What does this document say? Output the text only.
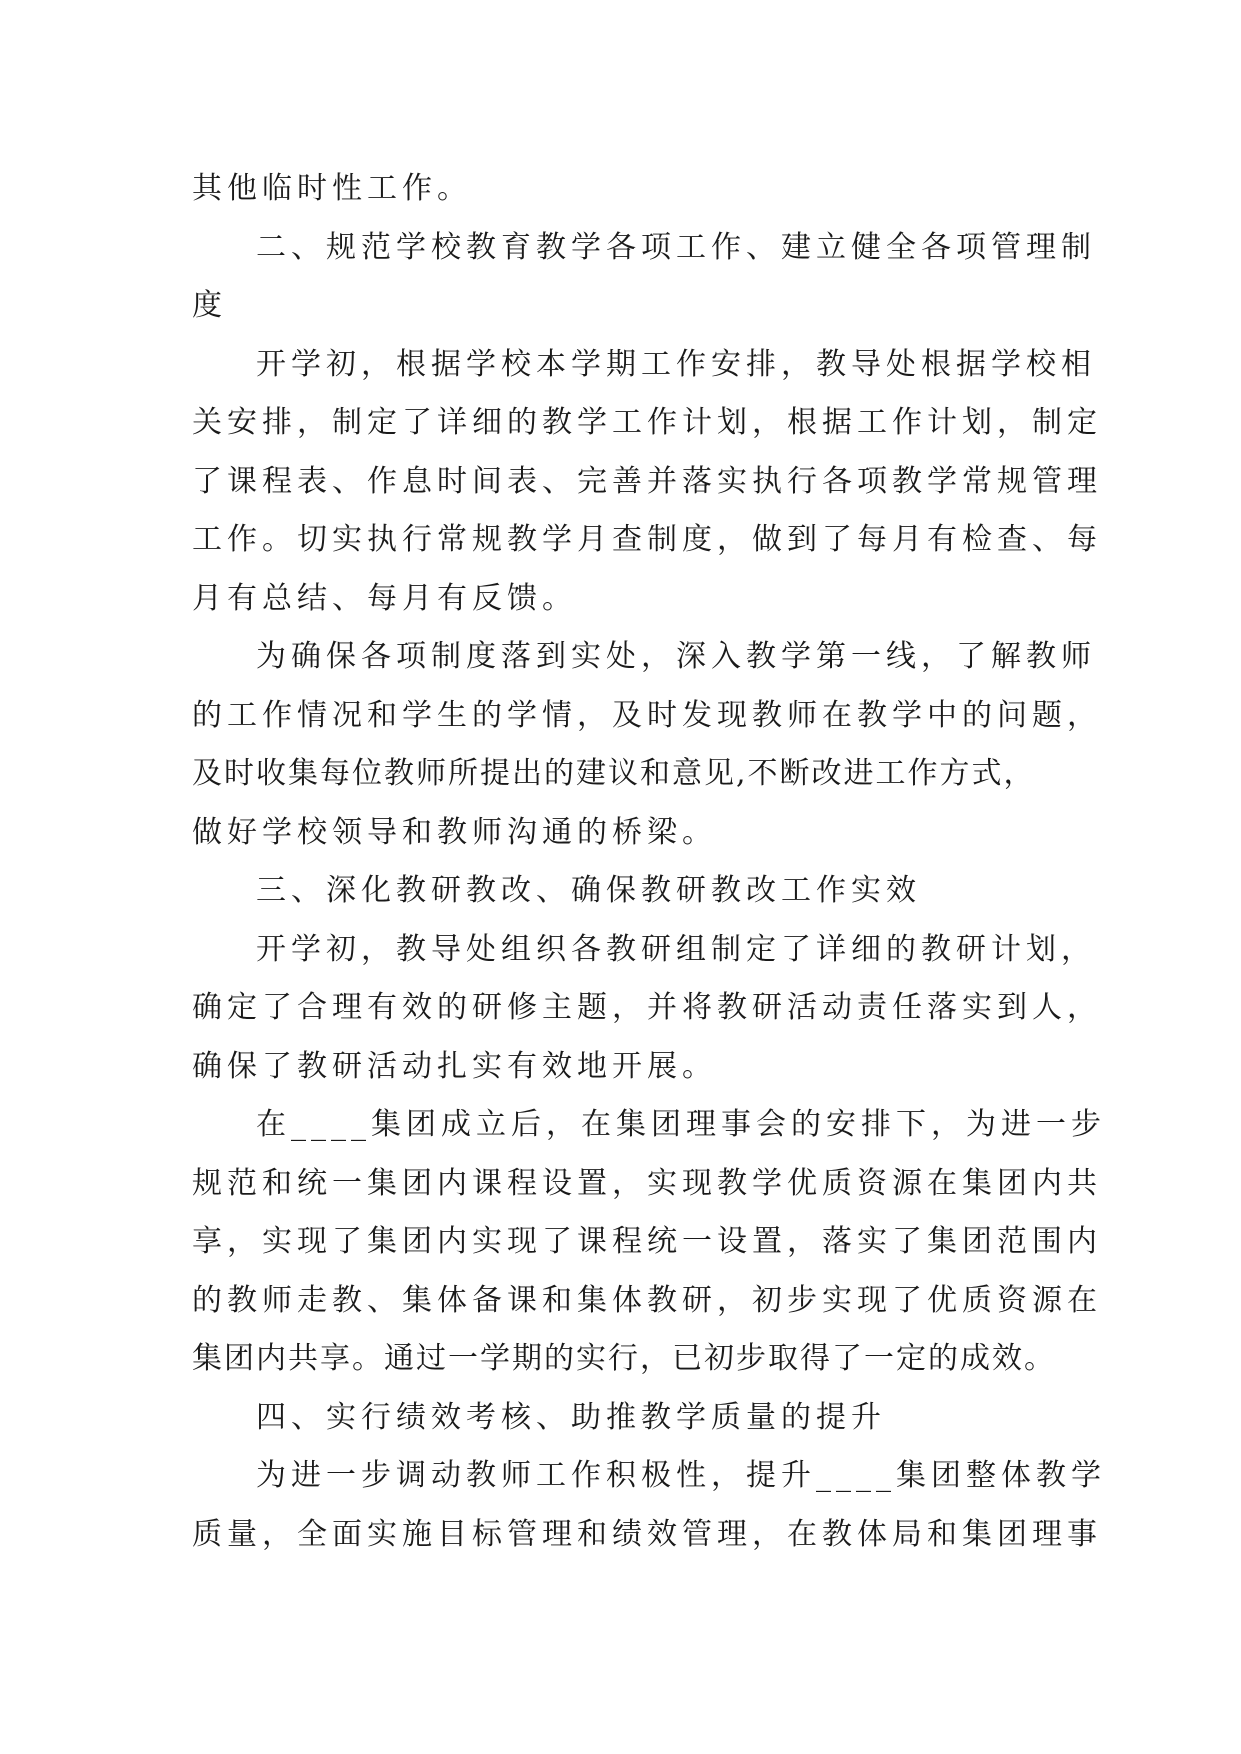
其他临时性工作。
二、规范学校教育教学各项工作、建立健全各项管理制
度
开学初，根据学校本学期工作安排，教导处根据学校相
关安排，制定了详细的教学工作计划，根据工作计划，制定
了课程表、作息时间表、完善并落实执行各项教学常规管理
工作。切实执行常规教学月查制度，做到了每月有检查、每
月有总结、每月有反馈。
为确保各项制度落到实处，深入教学第一线，了解教师
的工作情况和学生的学情，及时发现教师在教学中的问题，
及时收集每位教师所提出的建议和意见,不断改进工作方式，
做好学校领导和教师沟通的桥梁。
三、深化教研教改、确保教研教改工作实效
开学初，教导处组织各教研组制定了详细的教研计划，
确定了合理有效的研修主题，并将教研活动责任落实到人，
确保了教研活动扎实有效地开展。
在____集团成立后，在集团理事会的安排下，为进一步
规范和统一集团内课程设置，实现教学优质资源在集团内共
享，实现了集团内实现了课程统一设置，落实了集团范围内
的教师走教、集体备课和集体教研，初步实现了优质资源在
集团内共享。通过一学期的实行，已初步取得了一定的成效。
四、实行绩效考核、助推教学质量的提升
为进一步调动教师工作积极性，提升____集团整体教学
质量，全面实施目标管理和绩效管理，在教体局和集团理事
